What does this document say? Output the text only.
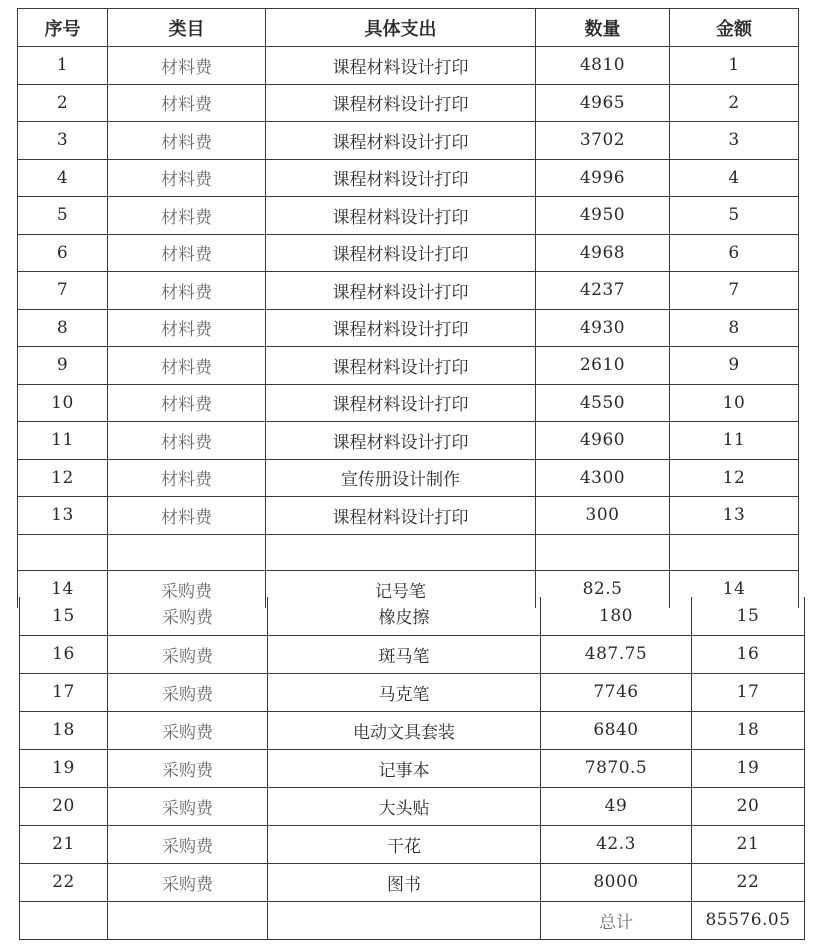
序号	类目	具体支出	数量	金额
1	材料费	课程材料设计打印	4810	1
2	材料费	课程材料设计打印	4965	2
3	材料费	课程材料设计打印	3702	3
4	材料费	课程材料设计打印	4996	4
5	材料费	课程材料设计打印	4950	5
6	材料费	课程材料设计打印	4968	6
7	材料费	课程材料设计打印	4237	7
8	材料费	课程材料设计打印	4930	8
9	材料费	课程材料设计打印	2610	9
10	材料费	课程材料设计打印	4550	10
11	材料费	课程材料设计打印	4960	11
12	材料费	宣传册设计制作	4300	12
13	材料费	课程材料设计打印	300	13

14	采购费	记号笔	82.5	14
15	采购费	橡皮擦	180	15
16	采购费	斑马笔	487.75	16
17	采购费	马克笔	7746	17
18	采购费	电动文具套装	6840	18
19	采购费	记事本	7870.5	19
20	采购费	大头贴	49	20
21	采购费	干花	42.3	21
22	采购费	图书	8000	22
			总计	85576.05
